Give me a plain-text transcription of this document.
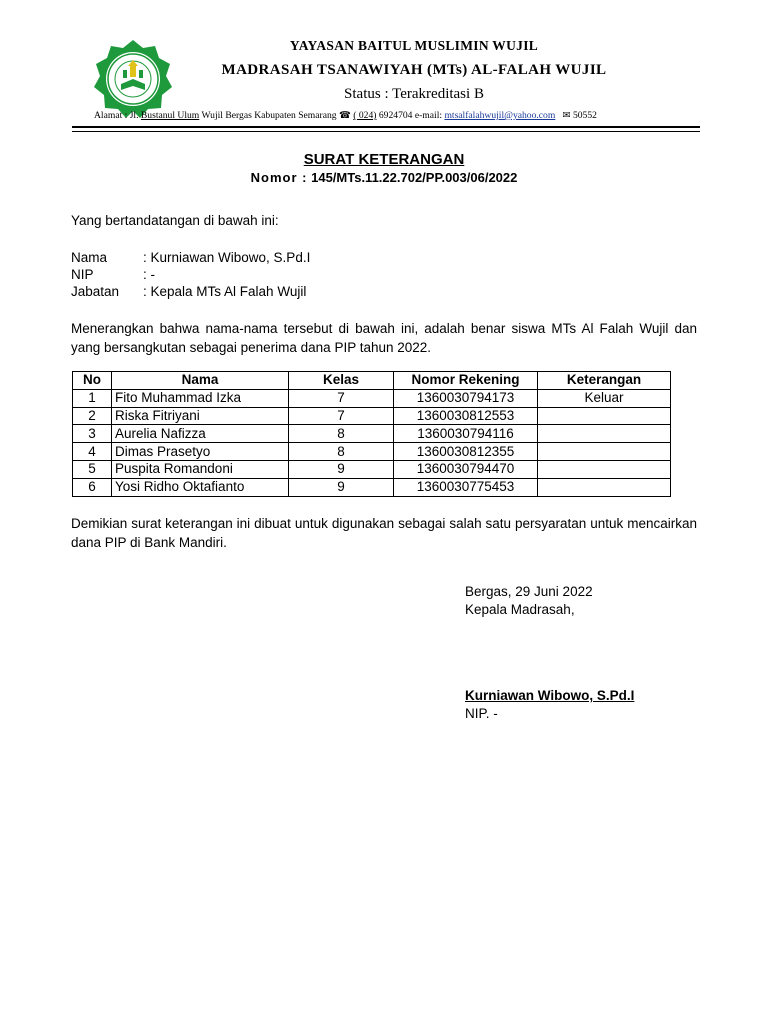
YAYASAN BAITUL MUSLIMIN WUJIL
MADRASAH TSANAWIYAH (MTs) AL-FALAH WUJIL
Status : Terakreditasi B
Alamat : Jl. Bustanul Ulum Wujil Bergas Kabupaten Semarang ☎ ( 024) 6924704 e-mail: mtsalfalahwujil@yahoo.com ✉ 50552
SURAT KETERANGAN
Nomor : 145/MTs.11.22.702/PP.003/06/2022
Yang bertandatangan di bawah ini:
Nama	: Kurniawan Wibowo, S.Pd.I
NIP	: -
Jabatan : Kepala MTs Al Falah Wujil
Menerangkan bahwa nama-nama tersebut di bawah ini, adalah benar siswa MTs Al Falah Wujil dan yang bersangkutan sebagai penerima dana PIP tahun 2022.
No	Nama	Kelas	Nomor Rekening	Keterangan
1	Fito Muhammad Izka	7	1360030794173	Keluar
2	Riska Fitriyani	7	1360030812553	
3	Aurelia Nafizza	8	1360030794116	
4	Dimas Prasetyo	8	1360030812355	
5	Puspita Romandoni	9	1360030794470	
6	Yosi Ridho Oktafianto	9	1360030775453	
Demikian surat keterangan ini dibuat untuk digunakan sebagai salah satu persyaratan untuk mencairkan dana PIP di Bank Mandiri.
Bergas, 29 Juni 2022
Kepala Madrasah,
Kurniawan Wibowo, S.Pd.I
NIP. -
